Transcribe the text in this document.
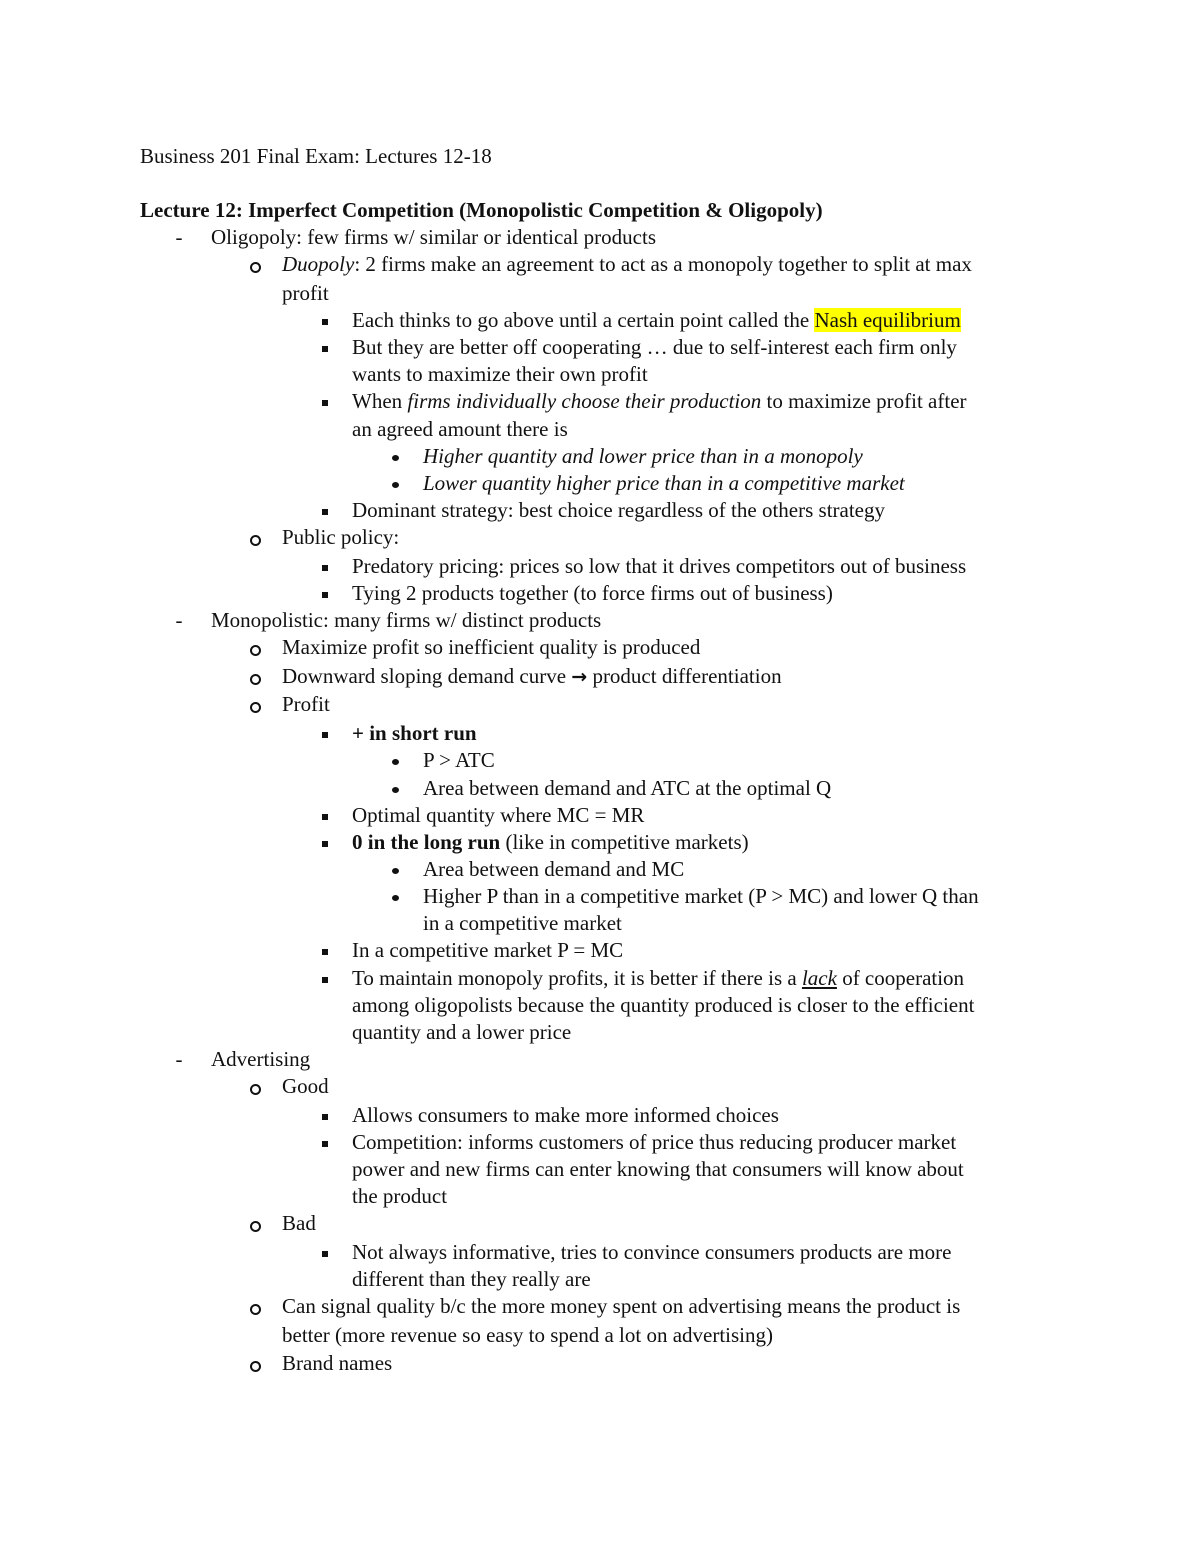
Business 201 Final Exam: Lectures 12-18
Lecture 12: Imperfect Competition (Monopolistic Competition & Oligopoly)
- Oligopoly: few firms w/ similar or identical products
Duopoly: 2 firms make an agreement to act as a monopoly together to split at max
profit
Each thinks to go above until a certain point called the Nash equilibrium
But they are better off cooperating … due to self-interest each firm only
wants to maximize their own profit
When firms individually choose their production to maximize profit after
an agreed amount there is
Higher quantity and lower price than in a monopoly
Lower quantity higher price than in a competitive market
Dominant strategy: best choice regardless of the others strategy
Public policy:
Predatory pricing: prices so low that it drives competitors out of business
Tying 2 products together (to force firms out of business)
- Monopolistic: many firms w/ distinct products
Maximize profit so inefficient quality is produced
Downward sloping demand curve → product differentiation
Profit
+ in short run
P > ATC
Area between demand and ATC at the optimal Q
Optimal quantity where MC = MR
0 in the long run (like in competitive markets)
Area between demand and MC
Higher P than in a competitive market (P > MC) and lower Q than
in a competitive market
In a competitive market P = MC
To maintain monopoly profits, it is better if there is a lack of cooperation
among oligopolists because the quantity produced is closer to the efficient
quantity and a lower price
- Advertising
Good
Allows consumers to make more informed choices
Competition: informs customers of price thus reducing producer market
power and new firms can enter knowing that consumers will know about
the product
Bad
Not always informative, tries to convince consumers products are more
different than they really are
Can signal quality b/c the more money spent on advertising means the product is
better (more revenue so easy to spend a lot on advertising)
Brand names
